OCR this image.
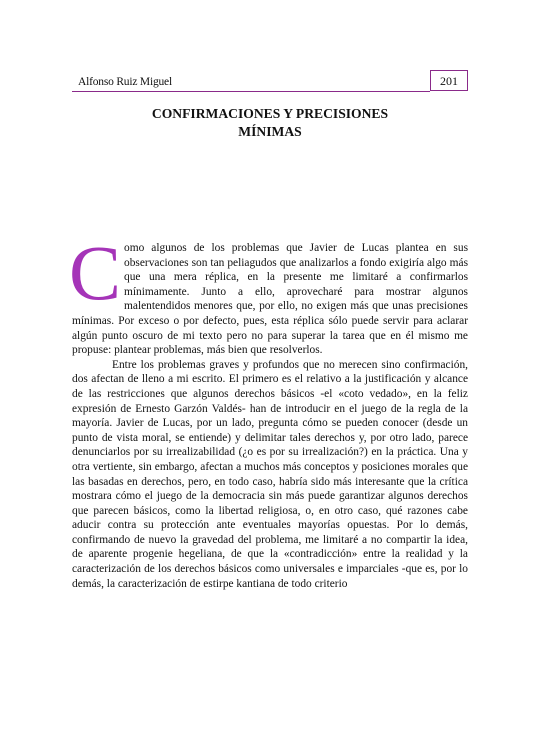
Alfonso Ruiz Miguel	201
CONFIRMACIONES Y PRECISIONES
MÍNIMAS

Como algunos de los problemas que Javier de Lucas plantea en sus observaciones son tan peliagudos que analizarlos a fondo exigiría algo más que una mera réplica, en la presente me limitaré a confirmarlos mínimamente. Junto a ello, aprovecharé para mostrar algunos malentendidos menores que, por ello, no exigen más que unas precisiones mínimas. Por exceso o por defecto, pues, esta réplica sólo puede servir para aclarar algún punto oscuro de mi texto pero no para superar la tarea que en él mismo me propuse: plantear problemas, más bien que resolverlos.

Entre los problemas graves y profundos que no merecen sino confirmación, dos afectan de lleno a mi escrito. El primero es el relativo a la justificación y alcance de las restricciones que algunos derechos básicos -el «coto vedado», en la feliz expresión de Ernesto Garzón Valdés- han de introducir en el juego de la regla de la mayoría. Javier de Lucas, por un lado, pregunta cómo se pueden conocer (desde un punto de vista moral, se entiende) y delimitar tales derechos y, por otro lado, parece denunciarlos por su irrealizabilidad (¿o es por su irrealización?) en la práctica. Una y otra vertiente, sin embargo, afectan a muchos más conceptos y posiciones morales que las basadas en derechos, pero, en todo caso, habría sido más interesante que la crítica mostrara cómo el juego de la democracia sin más puede garantizar algunos derechos que parecen básicos, como la libertad religiosa, o, en otro caso, qué razones cabe aducir contra su protección ante eventuales mayorías opuestas. Por lo demás, confirmando de nuevo la gravedad del problema, me limitaré a no compartir la idea, de aparente progenie hegeliana, de que la «contradicción» entre la realidad y la caracterización de los derechos básicos como universales e imparciales -que es, por lo demás, la caracterización de estirpe kantiana de todo criterio
